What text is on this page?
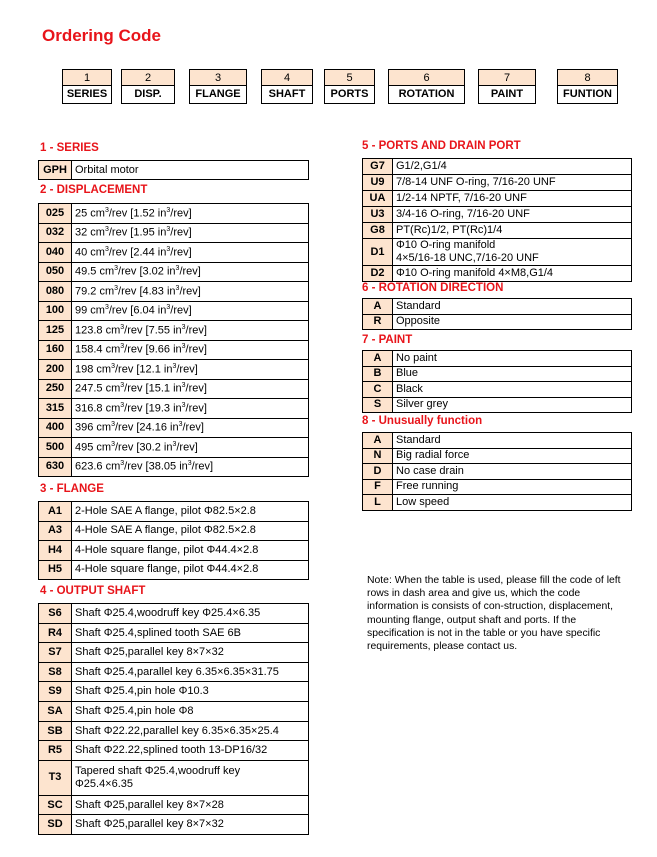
Ordering Code
1
SERIES
2
DISP.
3
FLANGE
4
SHAFT
5
PORTS
6
ROTATION
7
PAINT
8
FUNTION
1 - SERIES
GPH	Orbital motor
2 - DISPLACEMENT
025	25 $cm^3$/rev [1.52 $in^3/rev$]
032	32 $cm^3$/rev [1.95 $in^3/rev$]
040	40 $cm^3$/rev [2.44 $in^3/rev$]
050	49.5 $cm^3$/rev [3.02 $in^3/rev$]
080	79.2 $cm^3$/rev [4.83 $in^3/rev$]
100	99 $cm^3$/rev [6.04 $in^3/rev$]
125	123.8 $cm^3$/rev [7.55 $in^3/rev$]
160	158.4 $cm^3$/rev [9.66 $in^3/rev$]
200	198 $cm^3$/rev [12.1 $in^3/rev$]
250	247.5 $cm^3$/rev [15.1 $in^3/rev$]
315	316.8 $cm^3$/rev [19.3 $in^3/rev$]
400	396 $cm^3$/rev [24.16 $in^3/rev$]
500	495 $cm^3$/rev [30.2 $in^3/rev$]
630	623.6 $cm^3$/rev [38.05 $in^3/rev$]
3 - FLANGE
A1	2-Hole SAE A flange, pilot Φ82.5×2.8
A3	4-Hole SAE A flange, pilot Φ82.5×2.8
H4	4-Hole square flange, pilot Φ44.4×2.8
H5	4-Hole square flange, pilot Φ44.4×2.8
4 - OUTPUT SHAFT
S6	Shaft Φ25.4,woodruff key Φ25.4×6.35
R4	Shaft Φ25.4,splined tooth SAE 6B
S7	Shaft Φ25,parallel key 8×7×32
S8	Shaft Φ25.4,parallel key 6.35×6.35×31.75
S9	Shaft Φ25.4,pin hole Φ10.3
SA	Shaft Φ25.4,pin hole Φ8
SB	Shaft Φ22.22,parallel key 6.35×6.35×25.4
R5	Shaft Φ22.22,splined tooth 13-DP16/32
T3	Tapered shaft Φ25.4,woodruff key
Φ25.4×6.35
SC	Shaft Φ25,parallel key 8×7×28
SD	Shaft Φ25,parallel key 8×7×32
5 - PORTS AND DRAIN PORT
G7	G1/2,G1/4
U9	7/8-14 UNF O-ring, 7/16-20 UNF
UA	1/2-14 NPTF, 7/16-20 UNF
U3	3/4-16 O-ring, 7/16-20 UNF
G8	PT(Rc)1/2, PT(Rc)1/4
D1	Φ10 O-ring manifold
4×5/16-18 UNC,7/16-20 UNF
D2	Φ10 O-ring manifold 4×M8,G1/4
6 - ROTATION DIRECTION
A	Standard
R	Opposite
7 - PAINT
A	No paint
B	Blue
C	Black
S	Silver grey
8 - Unusually function
A	Standard
N	Big radial force
D	No case drain
F	Free running
L	Low speed
Note: When the table is used, please fill the code of left rows in dash area and give us, which the code information is consists of con-struction, displacement, mounting flange, output shaft and ports. If the specification is not in the table or you have specific requirements, please contact us.
